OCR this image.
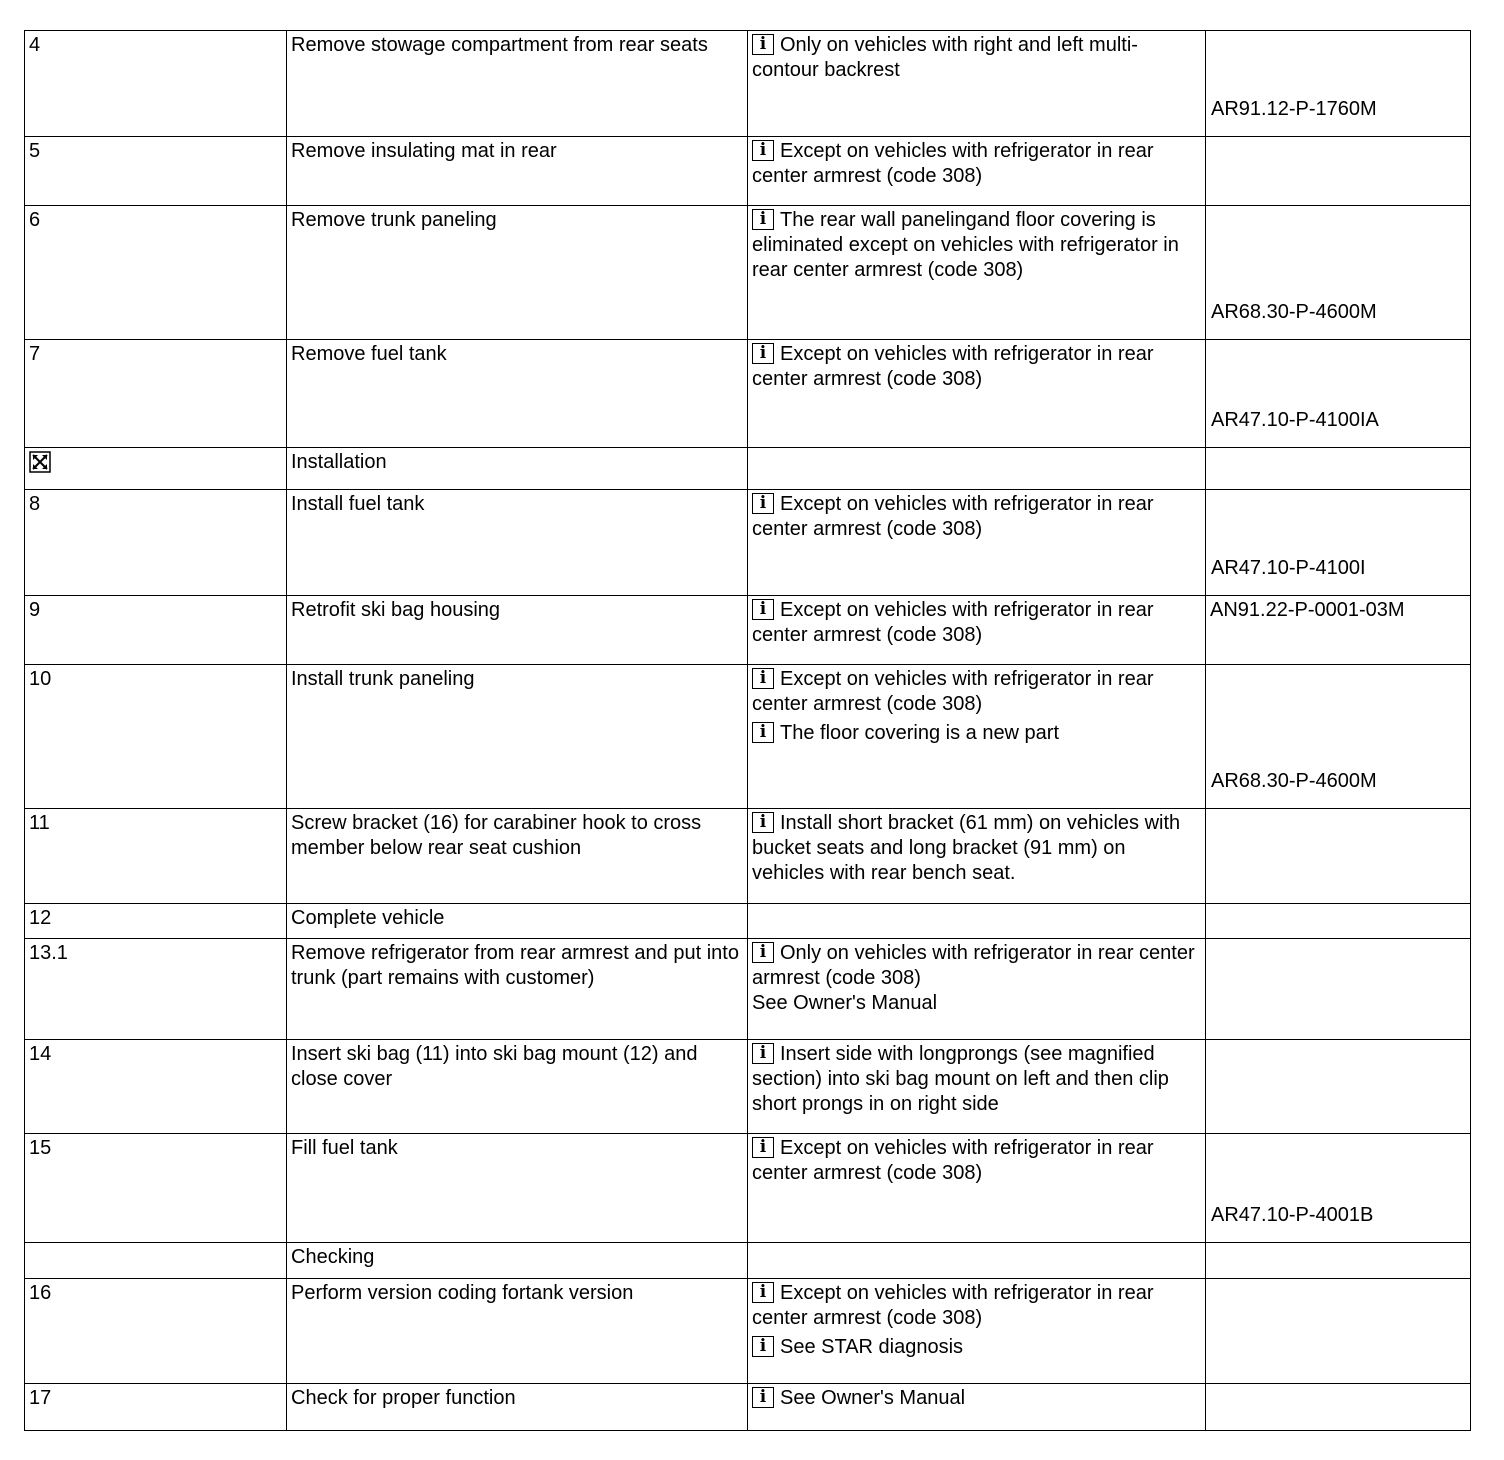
4	Remove stowage compartment from rear seats	i Only on vehicles with right and left multi-contour backrest	AR91.12-P-1760M

5	Remove insulating mat in rear	i Except on vehicles with refrigerator in rear center armrest (code 308)	

6	Remove trunk paneling	i The rear wall panelingand floor covering is eliminated except on vehicles with refrigerator in rear center armrest (code 308)	AR68.30-P-4600M

7	Remove fuel tank	i Except on vehicles with refrigerator in rear center armrest (code 308)	AR47.10-P-4100IA

	Installation		
8	Install fuel tank	i Except on vehicles with refrigerator in rear center armrest (code 308)	AR47.10-P-4100I

9	Retrofit ski bag housing	i Except on vehicles with refrigerator in rear center armrest (code 308)	AN91.22-P-0001-03M

10	Install trunk paneling	i Except on vehicles with refrigerator in rear center armrest (code 308)
i The floor covering is a new part	AR68.30-P-4600M

11	Screw bracket (16) for carabiner hook to cross member below rear seat cushion	i Install short bracket (61 mm) on vehicles with bucket seats and long bracket (91 mm) on vehicles with rear bench seat.	

12	Complete vehicle		
13.1	Remove refrigerator from rear armrest and put into trunk (part remains with customer)	i Only on vehicles with refrigerator in rear center armrest (code 308)
See Owner's Manual	

14	Insert ski bag (11) into ski bag mount (12) and close cover	i Insert side with longprongs (see magnified section) into ski bag mount on left and then clip short prongs in on right side	

15	Fill fuel tank	i Except on vehicles with refrigerator in rear center armrest (code 308)	AR47.10-P-4001B

	Checking		
16	Perform version coding fortank version	i Except on vehicles with refrigerator in rear center armrest (code 308)
i See STAR diagnosis	

17	Check for proper function	i See Owner's Manual	
